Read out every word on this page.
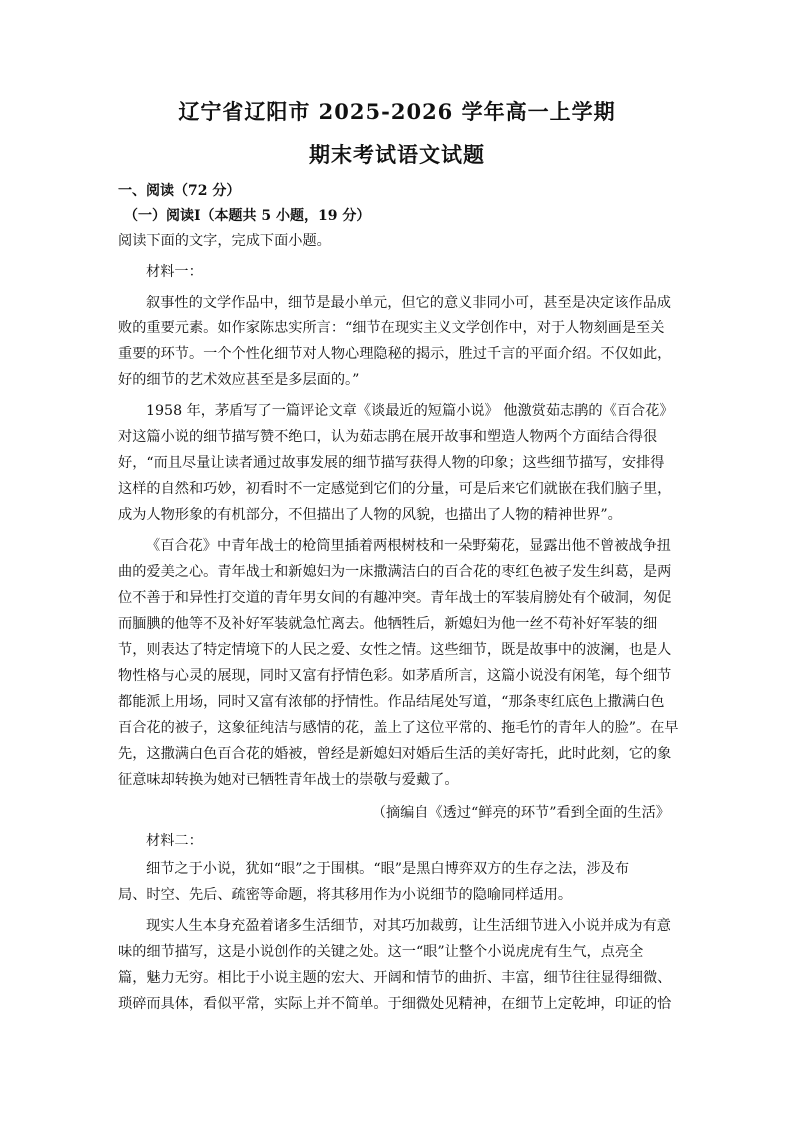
辽宁省辽阳市 2025-2026 学年高一上学期
期末考试语文试题
一、阅读（72 分）
（一）阅读Ⅰ（本题共 5 小题，19 分）
阅读下面的文字，完成下面小题。
材料一：
叙事性的文学作品中，细节是最小单元，但它的意义非同小可，甚至是决定该作品成
败的重要元素。如作家陈忠实所言：“细节在现实主义文学创作中，对于人物刻画是至关
重要的环节。一个个性化细节对人物心理隐秘的揭示，胜过千言的平面介绍。不仅如此，
好的细节的艺术效应甚至是多层面的。”
1958 年，茅盾写了一篇评论文章《谈最近的短篇小说》 他激赏茹志鹃的《百合花》
对这篇小说的细节描写赞不绝口，认为茹志鹃在展开故事和塑造人物两个方面结合得很
好，“而且尽量让读者通过故事发展的细节描写获得人物的印象；这些细节描写，安排得
这样的自然和巧妙，初看时不一定感觉到它们的分量，可是后来它们就嵌在我们脑子里，
成为人物形象的有机部分，不但描出了人物的风貌，也描出了人物的精神世界”。
《百合花》中青年战士的枪筒里插着两根树枝和一朵野菊花，显露出他不曾被战争扭
曲的爱美之心。青年战士和新媳妇为一床撒满洁白的百合花的枣红色被子发生纠葛，是两
位不善于和异性打交道的青年男女间的有趣冲突。青年战士的军装肩膀处有个破洞，匆促
而腼腆的他等不及补好军装就急忙离去。他牺牲后，新媳妇为他一丝不苟补好军装的细
节，则表达了特定情境下的人民之爱、女性之情。这些细节，既是故事中的波澜，也是人
物性格与心灵的展现，同时又富有抒情色彩。如茅盾所言，这篇小说没有闲笔，每个细节
都能派上用场，同时又富有浓郁的抒情性。作品结尾处写道，“那条枣红底色上撒满白色
百合花的被子，这象征纯洁与感情的花，盖上了这位平常的、拖毛竹的青年人的脸”。在早
先，这撒满白色百合花的婚被，曾经是新媳妇对婚后生活的美好寄托，此时此刻，它的象
征意味却转换为她对已牺牲青年战士的崇敬与爱戴了。
（摘编自《透过“鲜亮的环节”看到全面的生活》
材料二：
细节之于小说，犹如“眼”之于围棋。“眼”是黑白博弈双方的生存之法，涉及布
局、时空、先后、疏密等命题，将其移用作为小说细节的隐喻同样适用。
现实人生本身充盈着诸多生活细节，对其巧加裁剪，让生活细节进入小说并成为有意
味的细节描写，这是小说创作的关键之处。这一“眼”让整个小说虎虎有生气，点亮全
篇，魅力无穷。相比于小说主题的宏大、开阔和情节的曲折、丰富，细节往往显得细微、
琐碎而具体，看似平常，实际上并不简单。于细微处见精神，在细节上定乾坤，印证的恰
